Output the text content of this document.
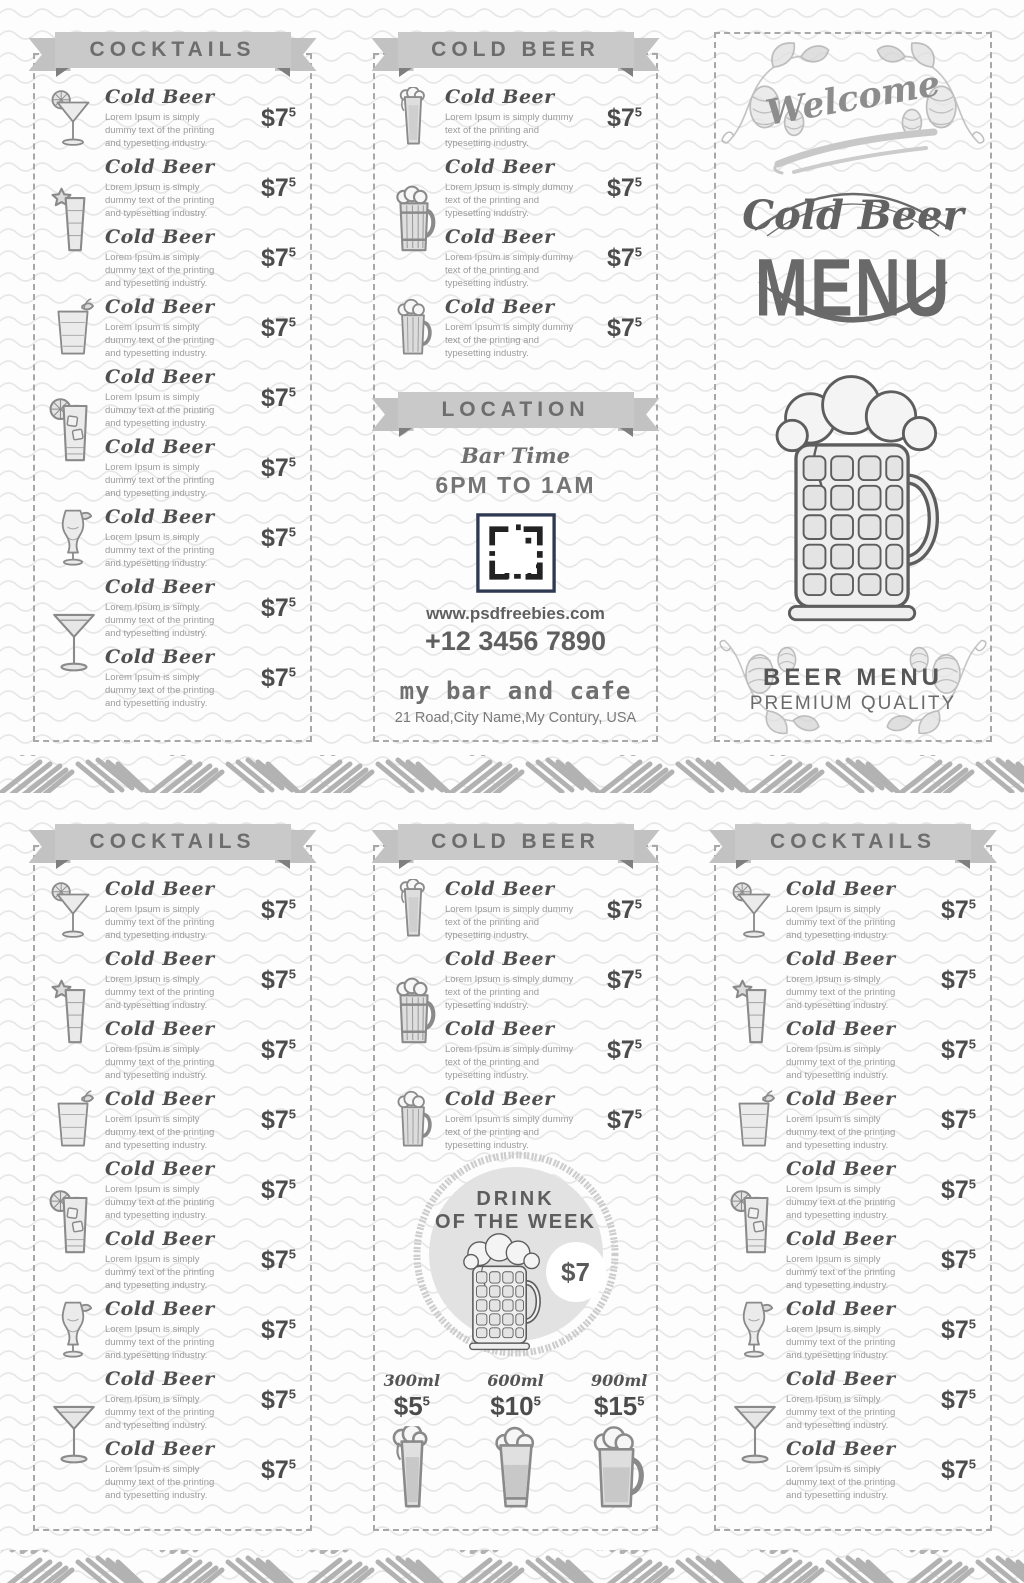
COCKTAILS
Cold Beer
Lorem Ipsum is simply dummy text of the printing and typesetting industry.
$\$7^5$
Cold Beer
Lorem Ipsum is simply dummy text of the printing and typesetting industry.
$\$7^5$
Cold Beer
Lorem Ipsum is simply dummy text of the printing and typesetting industry.
$\$7^5$
Cold Beer
Lorem Ipsum is simply dummy text of the printing and typesetting industry.
$\$7^5$
Cold Beer
Lorem Ipsum is simply dummy text of the printing and typesetting industry.
$\$7^5$
Cold Beer
Lorem Ipsum is simply dummy text of the printing and typesetting industry.
$\$7^5$
Cold Beer
Lorem Ipsum is simply dummy text of the printing and typesetting industry.
$\$7^5$
Cold Beer
Lorem Ipsum is simply dummy text of the printing and typesetting industry.
$\$7^5$
Cold Beer
Lorem Ipsum is simply dummy text of the printing and typesetting industry.
$\$7^5$
COLD BEER
Cold Beer
Lorem Ipsum is simply dummy text of the printing and typesetting industry.
$\$7^5$
Cold Beer
Lorem Ipsum is simply dummy text of the printing and typesetting industry.
$\$7^5$
Cold Beer
Lorem Ipsum is simply dummy text of the printing and typesetting industry.
$\$7^5$
Cold Beer
Lorem Ipsum is simply dummy text of the printing and typesetting industry.
$\$7^5$
LOCATION
Bar Time
6PM TO 1AM
www.psdfreebies.com
+12 3456 7890
my bar and cafe
21 Road,City Name,My Contury, USA
Welcome
Cold Beer
MENU
BEER MENU
PREMIUM QUALITY
COCKTAILS
Cold Beer
Lorem Ipsum is simply dummy text of the printing and typesetting industry.
$\$7^5$
Cold Beer
Lorem Ipsum is simply dummy text of the printing and typesetting industry.
$\$7^5$
Cold Beer
Lorem Ipsum is simply dummy text of the printing and typesetting industry.
$\$7^5$
Cold Beer
Lorem Ipsum is simply dummy text of the printing and typesetting industry.
$\$7^5$
Cold Beer
Lorem Ipsum is simply dummy text of the printing and typesetting industry.
$\$7^5$
Cold Beer
Lorem Ipsum is simply dummy text of the printing and typesetting industry.
$\$7^5$
Cold Beer
Lorem Ipsum is simply dummy text of the printing and typesetting industry.
$\$7^5$
Cold Beer
Lorem Ipsum is simply dummy text of the printing and typesetting industry.
$\$7^5$
Cold Beer
Lorem Ipsum is simply dummy text of the printing and typesetting industry.
$\$7^5$
COLD BEER
Cold Beer
Lorem Ipsum is simply dummy text of the printing and typesetting industry.
$\$7^5$
Cold Beer
Lorem Ipsum is simply dummy text of the printing and typesetting industry.
$\$7^5$
Cold Beer
Lorem Ipsum is simply dummy text of the printing and typesetting industry.
$\$7^5$
Cold Beer
Lorem Ipsum is simply dummy text of the printing and typesetting industry.
$\$7^5$
DRINK
OF THE WEEK
$7
300ml
$\$5^5$
600ml
$\$10^5$
900ml
$\$15^5$
COCKTAILS
Cold Beer
Lorem Ipsum is simply dummy text of the printing and typesetting industry.
$\$7^5$
Cold Beer
Lorem Ipsum is simply dummy text of the printing and typesetting industry.
$\$7^5$
Cold Beer
Lorem Ipsum is simply dummy text of the printing and typesetting industry.
$\$7^5$
Cold Beer
Lorem Ipsum is simply dummy text of the printing and typesetting industry.
$\$7^5$
Cold Beer
Lorem Ipsum is simply dummy text of the printing and typesetting industry.
$\$7^5$
Cold Beer
Lorem Ipsum is simply dummy text of the printing and typesetting industry.
$\$7^5$
Cold Beer
Lorem Ipsum is simply dummy text of the printing and typesetting industry.
$\$7^5$
Cold Beer
Lorem Ipsum is simply dummy text of the printing and typesetting industry.
$\$7^5$
Cold Beer
Lorem Ipsum is simply dummy text of the printing and typesetting industry.
$\$7^5$
